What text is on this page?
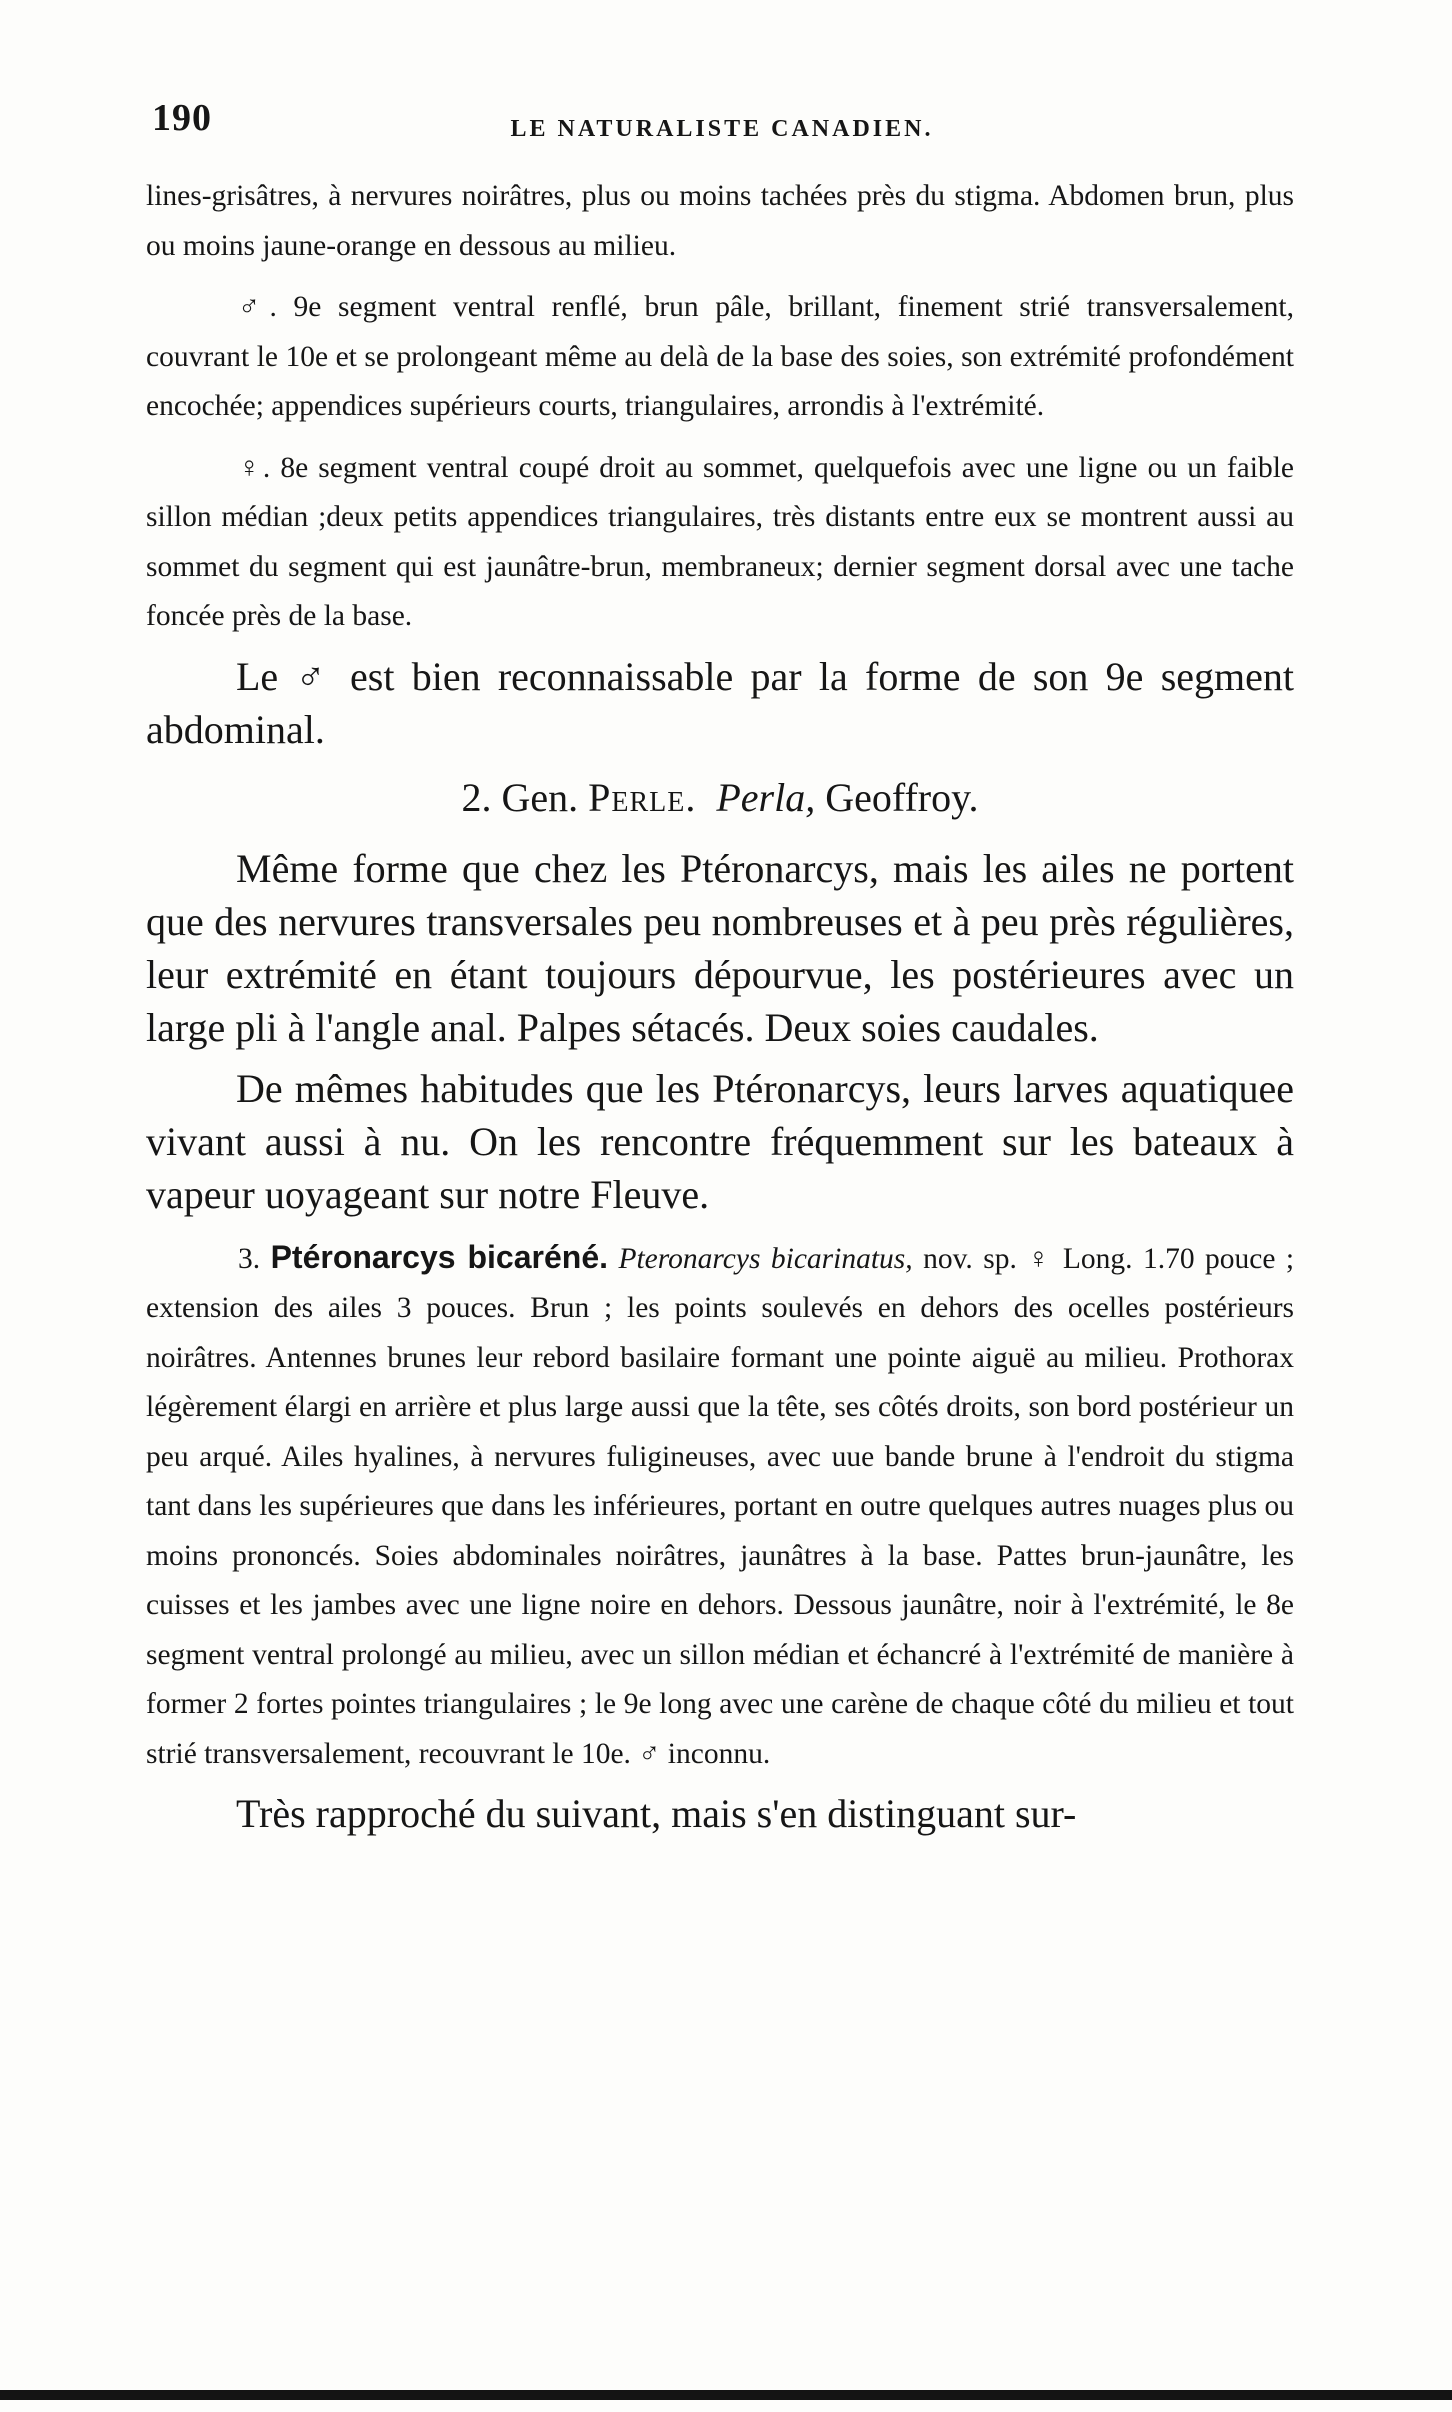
190	LE NATURALISTE CANADIEN.

lines-grisâtres, à nervures noirâtres, plus ou moins tachées près du stigma. Abdomen brun, plus ou moins jaune-orange en dessous au milieu.

♂. 9e segment ventral renflé, brun pâle, brillant, finement strié transversalement, couvrant le 10e et se prolongeant même au delà de la base des soies, son extrémité profondément encochée; appendices supérieurs courts, triangulaires, arrondis à l'extrémité.

♀. 8e segment ventral coupé droit au sommet, quelquefois avec une ligne ou un faible sillon médian ;deux petits appendices triangulaires, très distants entre eux se montrent aussi au sommet du segment qui est jaunâtre-brun, membraneux; dernier segment dorsal avec une tache foncée près de la base.

Le ♂ est bien reconnaissable par la forme de son 9e segment abdominal.

2. Gen. Perle. Perla, Geoffroy.

Même forme que chez les Ptéronarcys, mais les ailes ne portent que des nervures transversales peu nombreuses et à peu près régulières, leur extrémité en étant toujours dépourvue, les postérieures avec un large pli à l'angle anal. Palpes sétacés. Deux soies caudales.

De mêmes habitudes que les Ptéronarcys, leurs larves aquatiquee vivant aussi à nu. On les rencontre fréquemment sur les bateaux à vapeur uoyageant sur notre Fleuve.

3. Ptéronarcys bicaréné. Pteronarcys bicarinatus, nov. sp. ♀ Long. 1.70 pouce ; extension des ailes 3 pouces. Brun ; les points soulevés en dehors des ocelles postérieurs noirâtres. Antennes brunes leur rebord basilaire formant une pointe aiguë au milieu. Prothorax légèrement élargi en arrière et plus large aussi que la tête, ses côtés droits, son bord postérieur un peu arqué. Ailes hyalines, à nervures fuligineuses, avec uue bande brune à l'endroit du stigma tant dans les supérieures que dans les inférieures, portant en outre quelques autres nuages plus ou moins prononcés. Soies abdominales noirâtres, jaunâtres à la base. Pattes brun-jaunâtre, les cuisses et les jambes avec une ligne noire en dehors. Dessous jaunâtre, noir à l'extrémité, le 8e segment ventral prolongé au milieu, avec un sillon médian et échancré à l'extrémité de manière à former 2 fortes pointes triangulaires ; le 9e long avec une carène de chaque côté du milieu et tout strié transversalement, recouvrant le 10e. ♂ inconnu.

Très rapproché du suivant, mais s'en distinguant sur-
